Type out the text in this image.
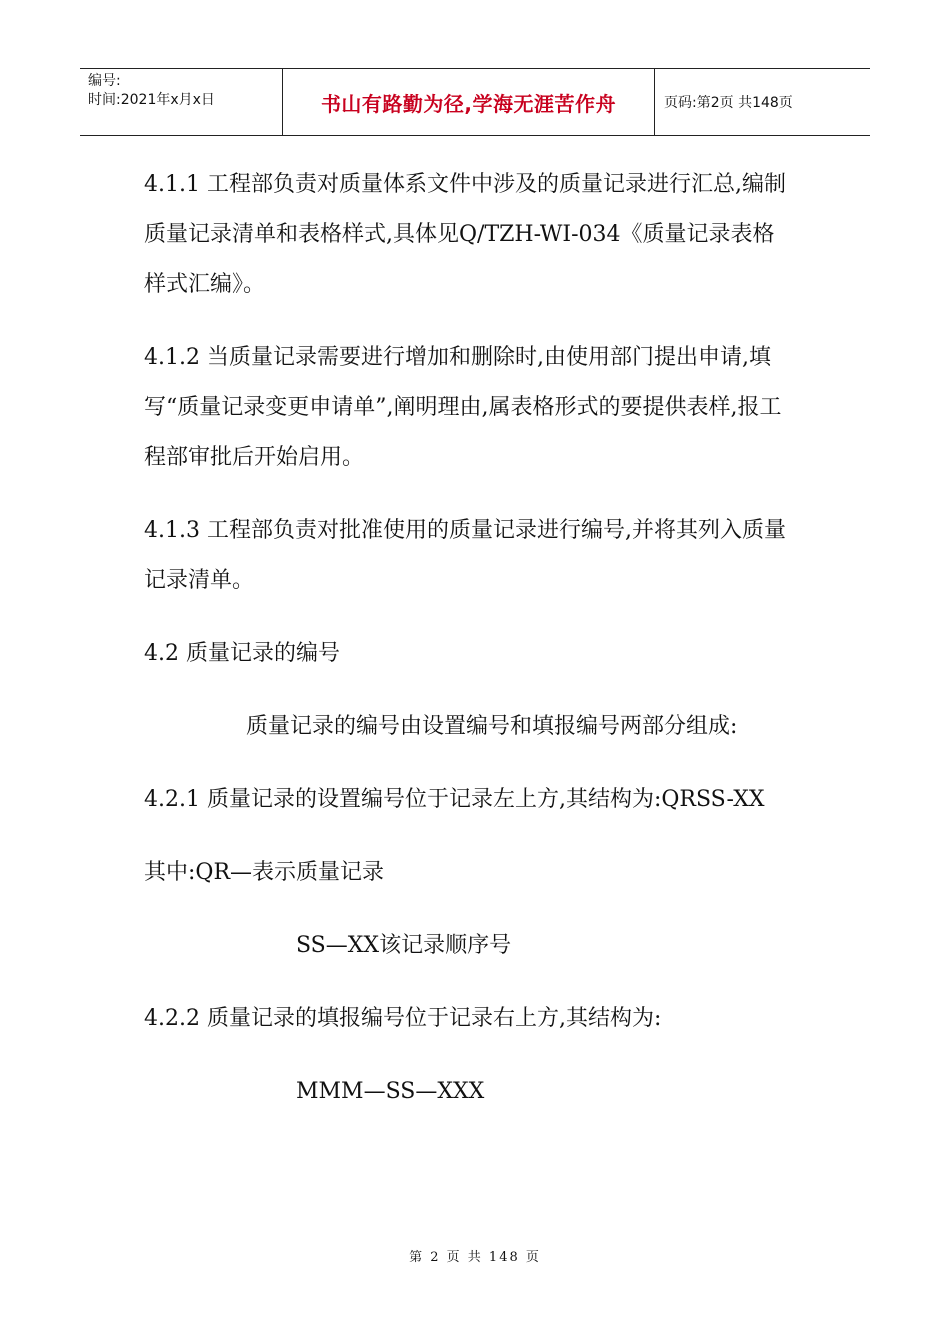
编号:
时间:2021年x月x日	书山有路勤为径,学海无涯苦作舟	页码:第2页 共148页

4.1.1 工程部负责对质量体系文件中涉及的质量记录进行汇总,编制质量记录清单和表格样式,具体见Q/TZH-WI-034《质量记录表格样式汇编》。

4.1.2 当质量记录需要进行增加和删除时,由使用部门提出申请,填写“质量记录变更申请单”,阐明理由,属表格形式的要提供表样,报工程部审批后开始启用。

4.1.3 工程部负责对批准使用的质量记录进行编号,并将其列入质量记录清单。

4.2 质量记录的编号

质量记录的编号由设置编号和填报编号两部分组成:

4.2.1 质量记录的设置编号位于记录左上方,其结构为:QRSS-XX

其中:QR—表示质量记录

SS—XX该记录顺序号

4.2.2 质量记录的填报编号位于记录右上方,其结构为:

MMM—SS—XXX

第 2 页 共 148 页
